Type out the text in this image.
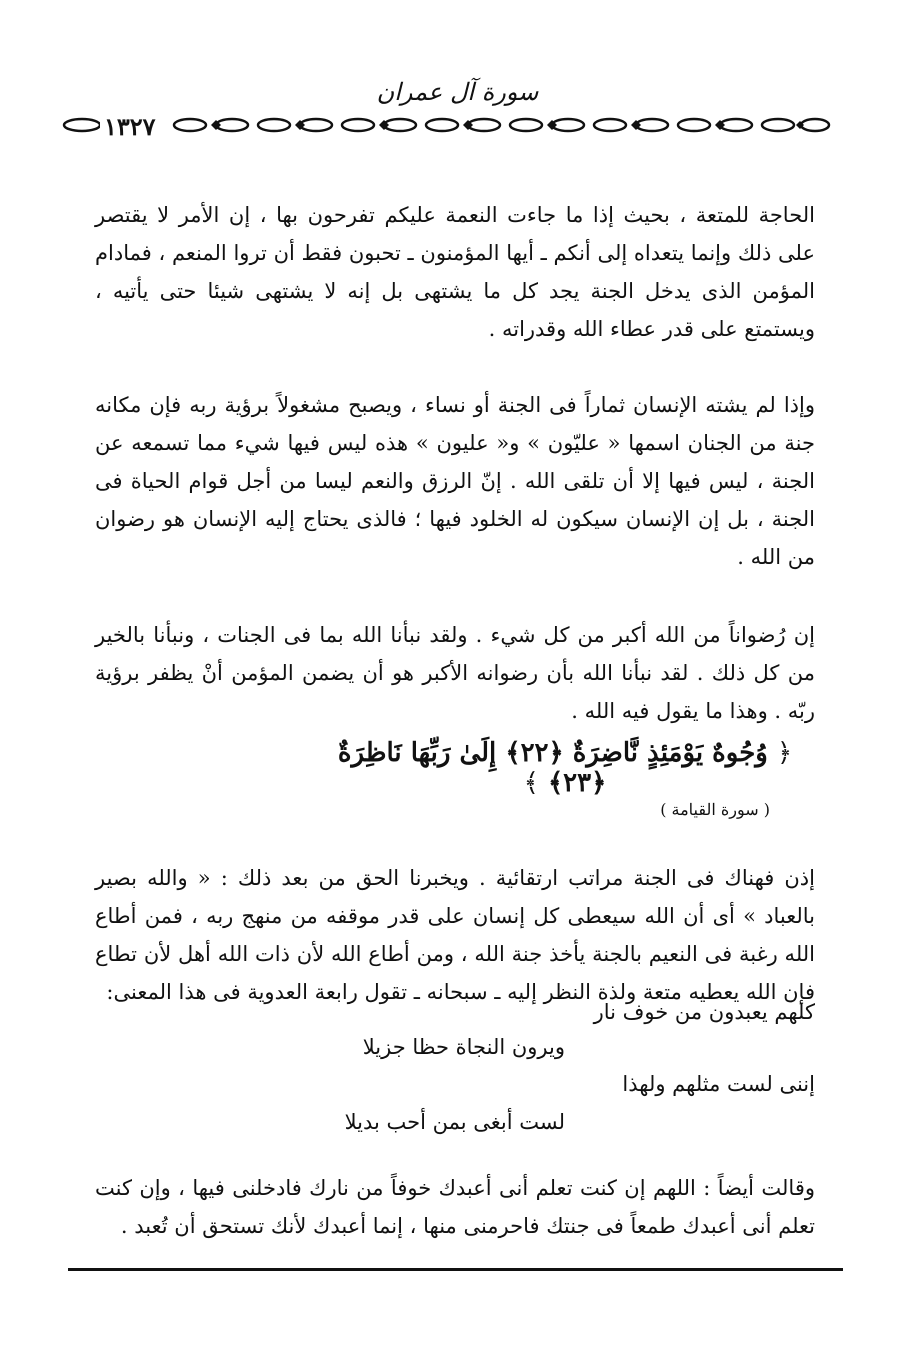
سورة آل عمران
١٣٢٧

الحاجة للمتعة ، بحيث إذا ما جاءت النعمة عليكم تفرحون بها ، إن الأمر لا يقتصر على ذلك وإنما يتعداه إلى أنكم ـ أيها المؤمنون ـ تحبون فقط أن تروا المنعم ، فمادام المؤمن الذى يدخل الجنة يجد كل ما يشتهى بل إنه لا يشتهى شيئا حتى يأتيه ، ويستمتع على قدر عطاء الله وقدراته .

وإذا لم يشته الإنسان ثماراً فى الجنة أو نساء ، ويصبح مشغولاً برؤية ربه فإن مكانه جنة من الجنان اسمها « عليّون » و« عليون » هذه ليس فيها شيء مما تسمعه عن الجنة ، ليس فيها إلا أن تلقى الله . إنّ الرزق والنعم ليسا من أجل قوام الحياة فى الجنة ، بل إن الإنسان سيكون له الخلود فيها ؛ فالذى يحتاج إليه الإنسان هو رضوان من الله .

إن رُضواناً من الله أكبر من كل شيء . ولقد نبأنا الله بما فى الجنات ، ونبأنا بالخير من كل ذلك . لقد نبأنا الله بأن رضوانه الأكبر هو أن يضمن المؤمن أنْ يظفر برؤية ربّه . وهذا ما يقول فيه الله .

﴿ وُجُوهٌ يَوْمَئِذٍ نَّاضِرَةٌ ﴿٢٢﴾ إِلَىٰ رَبِّهَا نَاظِرَةٌ ﴿٢٣﴾ ﴾
( سورة القيامة )

إذن فهناك فى الجنة مراتب ارتقائية . ويخبرنا الحق من بعد ذلك : « والله بصير بالعباد » أى أن الله سيعطى كل إنسان على قدر موقفه من منهج ربه ، فمن أطاع الله رغبة فى النعيم بالجنة يأخذ جنة الله ، ومن أطاع الله لأن ذات الله أهل لأن تطاع فإن الله يعطيه متعة ولذة النظر إليه ـ سبحانه ـ تقول رابعة العدوية فى هذا المعنى:

كلهم يعبدون من خوف نار
ويرون النجاة حظا جزيلا
إننى لست مثلهم ولهذا
لست أبغى بمن أحب بديلا

وقالت أيضاً : اللهم إن كنت تعلم أنى أعبدك خوفاً من نارك فادخلنى فيها ، وإن كنت تعلم أنى أعبدك طمعاً فى جنتك فاحرمنى منها ، إنما أعبدك لأنك تستحق أن تُعبد .
